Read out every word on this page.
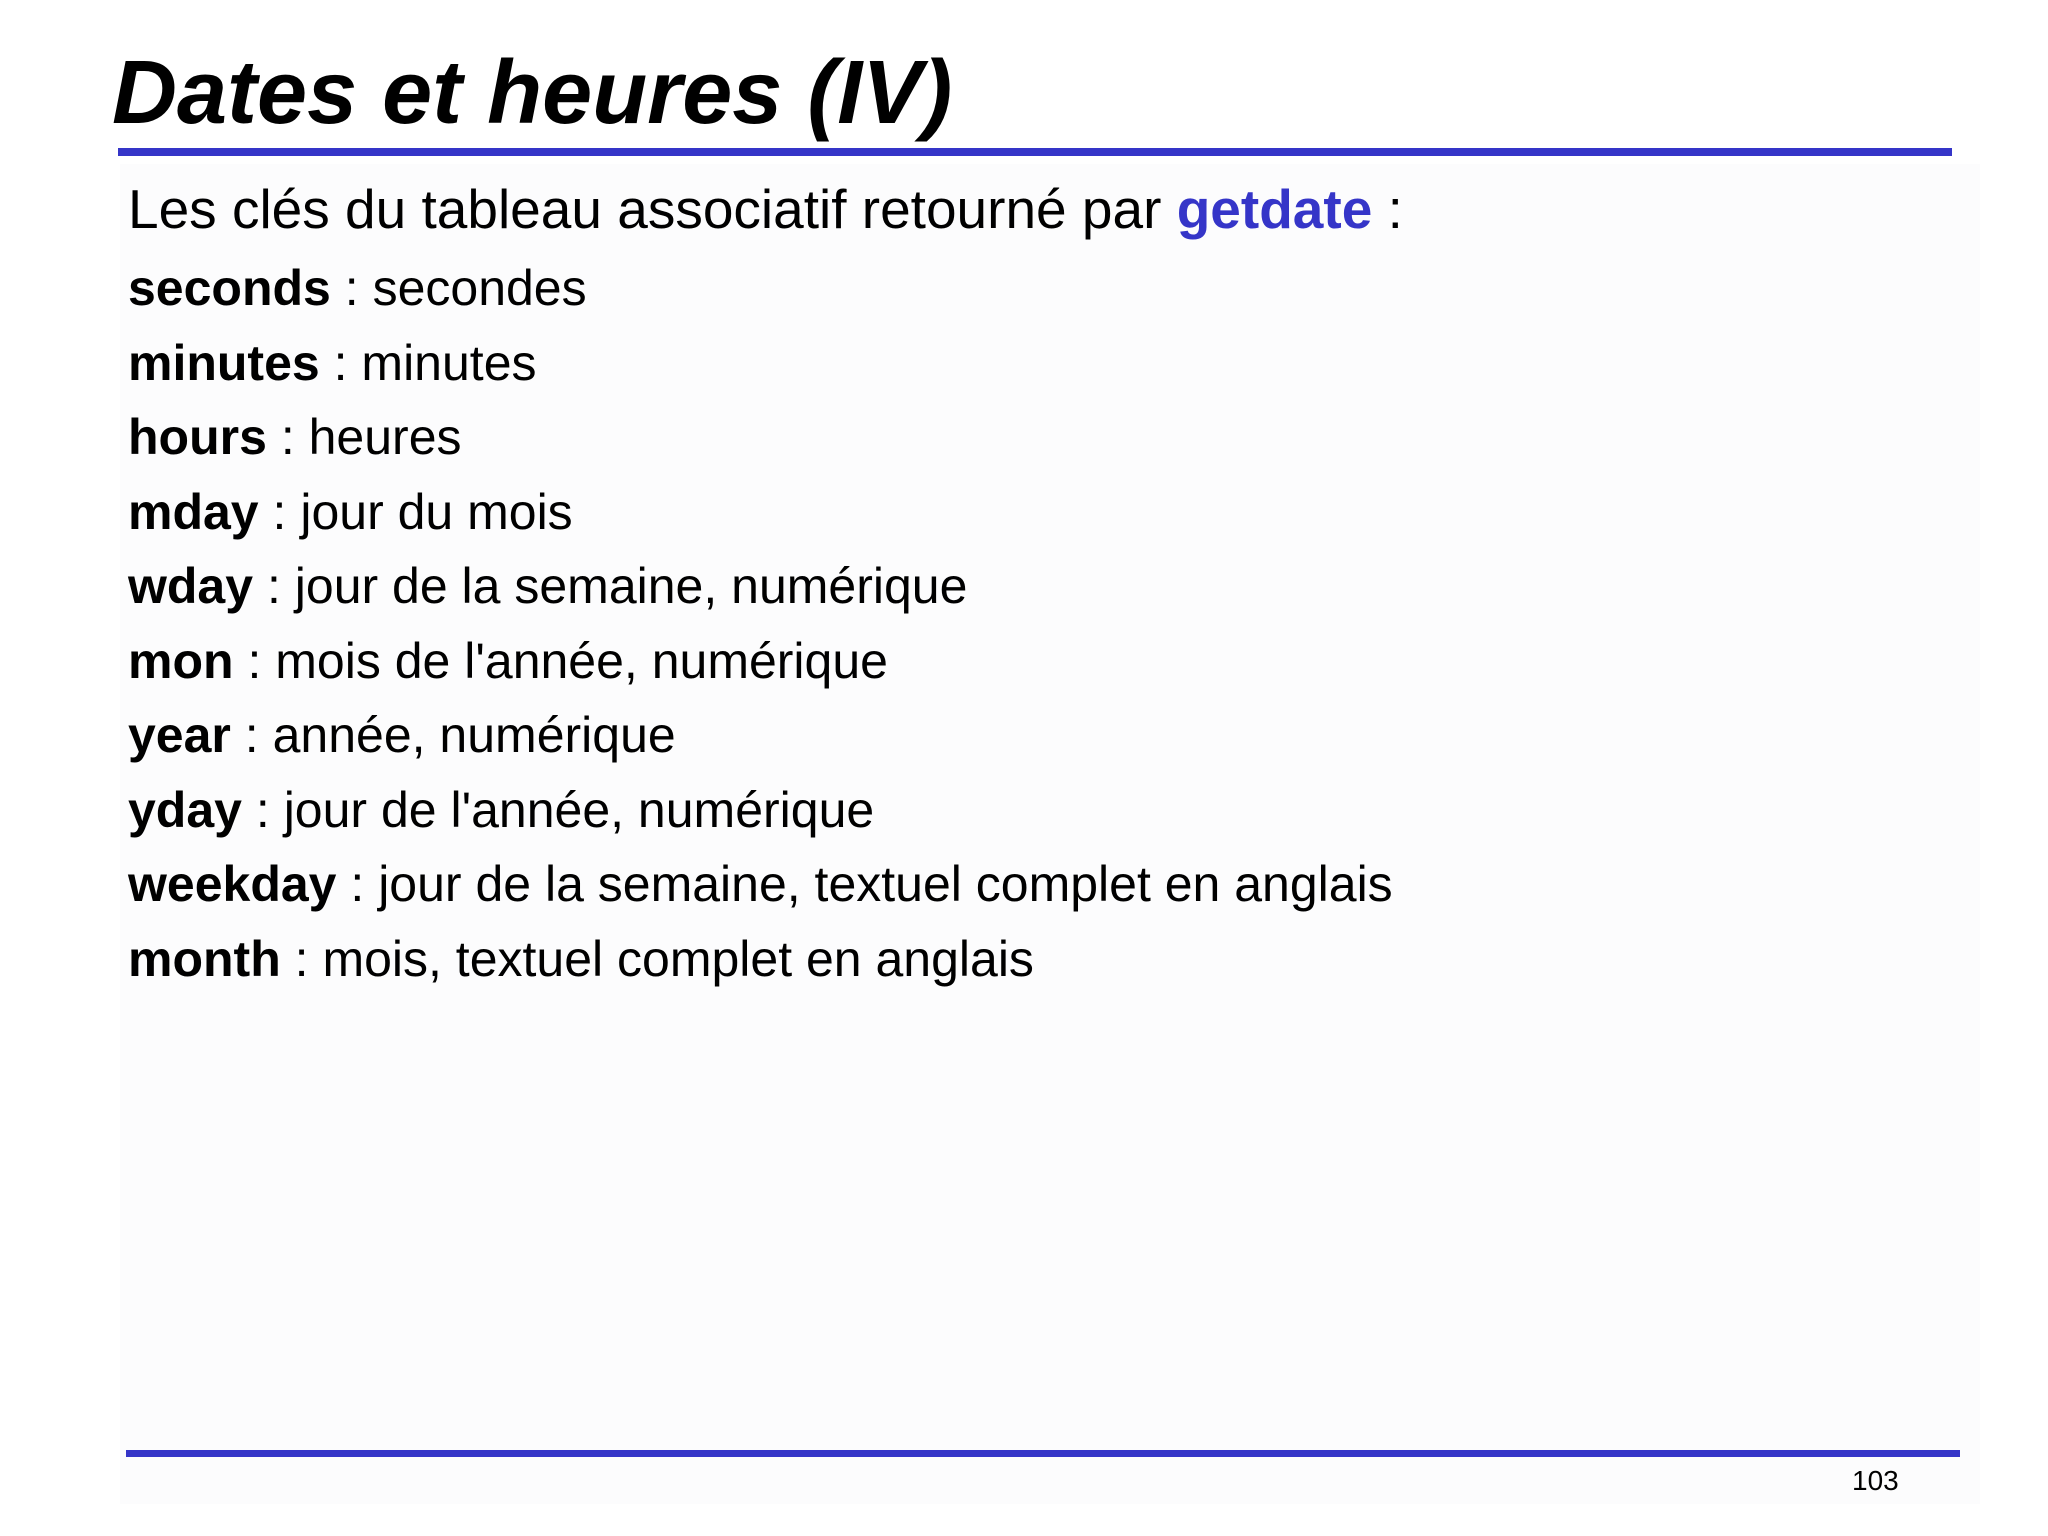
Dates et heures (IV)

Les clés du tableau associatif retourné par getdate :

seconds : secondes
minutes : minutes
hours : heures
mday : jour du mois
wday : jour de la semaine, numérique
mon : mois de l'année, numérique
year : année, numérique
yday : jour de l'année, numérique
weekday : jour de la semaine, textuel complet en anglais
month : mois, textuel complet en anglais
103
